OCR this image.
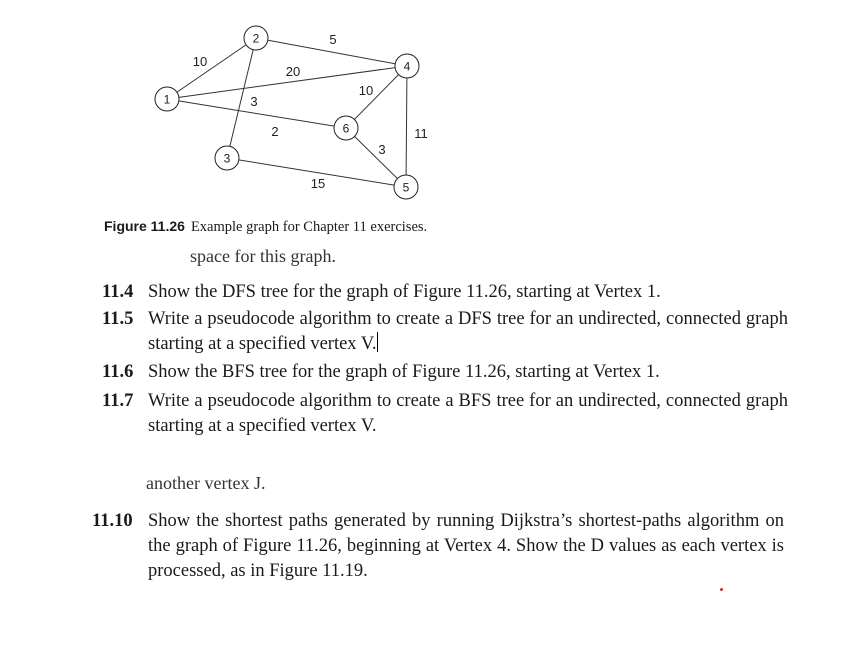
10
20
2
5
3
15
11
10
3
1
2
3
4
5
6
Figure 11.26 Example graph for Chapter 11 exercises.
space for this graph.
11.4 Show the DFS tree for the graph of Figure 11.26, starting at Vertex 1.
11.5 Write a pseudocode algorithm to create a DFS tree for an undirected, connected graph starting at a specified vertex V.
11.6 Show the BFS tree for the graph of Figure 11.26, starting at Vertex 1.
11.7 Write a pseudocode algorithm to create a BFS tree for an undirected, connected graph starting at a specified vertex V.
another vertex J.
11.10 Show the shortest paths generated by running Dijkstra’s shortest-paths algorithm on the graph of Figure 11.26, beginning at Vertex 4. Show the D values as each vertex is processed, as in Figure 11.19.
